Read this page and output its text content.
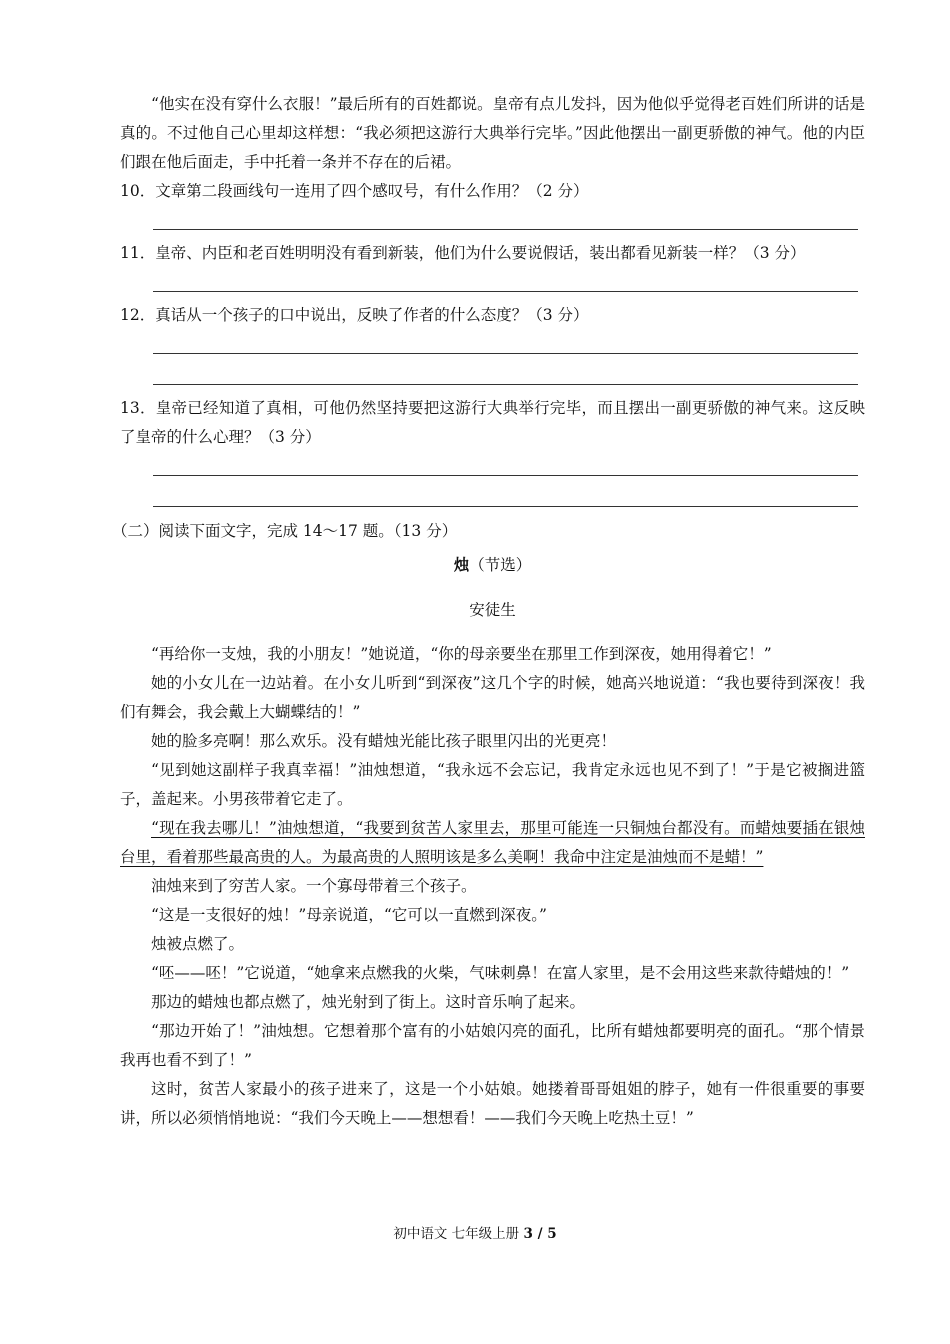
“他实在没有穿什么衣服！”最后所有的百姓都说。皇帝有点儿发抖，因为他似乎觉得老百姓们所讲的话是真的。不过他自己心里却这样想：“我必须把这游行大典举行完毕。”因此他摆出一副更骄傲的神气。他的内臣们跟在他后面走，手中托着一条并不存在的后裙。

10．文章第二段画线句一连用了四个感叹号，有什么作用？（2 分）

11．皇帝、内臣和老百姓明明没有看到新装，他们为什么要说假话，装出都看见新装一样？（3 分）

12．真话从一个孩子的口中说出，反映了作者的什么态度？（3 分）

13．皇帝已经知道了真相，可他仍然坚持要把这游行大典举行完毕，而且摆出一副更骄傲的神气来。这反映了皇帝的什么心理？（3 分）

（二）阅读下面文字，完成 14～17 题。（13 分）

烛（节选）

安徒生

“再给你一支烛，我的小朋友！”她说道，“你的母亲要坐在那里工作到深夜，她用得着它！”

她的小女儿在一边站着。在小女儿听到“到深夜”这几个字的时候，她高兴地说道：“我也要待到深夜！我们有舞会，我会戴上大蝴蝶结的！”

她的脸多亮啊！那么欢乐。没有蜡烛光能比孩子眼里闪出的光更亮！

“见到她这副样子我真幸福！”油烛想道，“我永远不会忘记，我肯定永远也见不到了！”于是它被搁进篮子，盖起来。小男孩带着它走了。

“现在我去哪儿！”油烛想道，“我要到贫苦人家里去，那里可能连一只铜烛台都没有。而蜡烛要插在银烛台里，看着那些最高贵的人。为最高贵的人照明该是多么美啊！我命中注定是油烛而不是蜡！”

油烛来到了穷苦人家。一个寡母带着三个孩子。

“这是一支很好的烛！”母亲说道，“它可以一直燃到深夜。”

烛被点燃了。

“呸——呸！”它说道，“她拿来点燃我的火柴，气味刺鼻！在富人家里，是不会用这些来款待蜡烛的！”

那边的蜡烛也都点燃了，烛光射到了街上。这时音乐响了起来。

“那边开始了！”油烛想。它想着那个富有的小姑娘闪亮的面孔，比所有蜡烛都要明亮的面孔。“那个情景我再也看不到了！”

这时，贫苦人家最小的孩子进来了，这是一个小姑娘。她搂着哥哥姐姐的脖子，她有一件很重要的事要讲，所以必须悄悄地说：“我们今天晚上——想想看！——我们今天晚上吃热土豆！”

初中语文 七年级上册 3 / 5
